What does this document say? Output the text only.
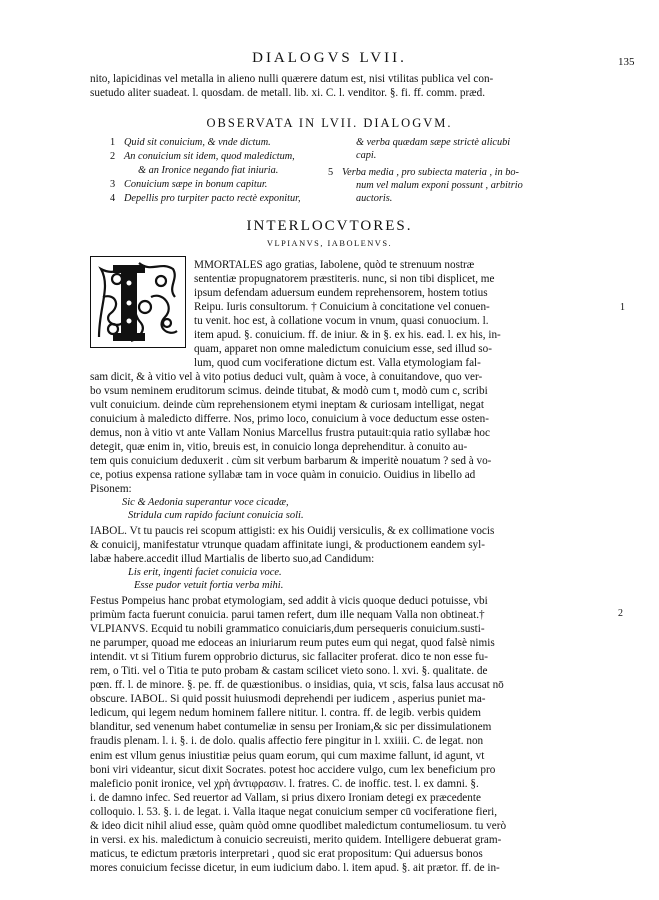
DIALOGVS LVII.	135
nito, lapicidinas vel metalla in alieno nulli quærere datum est, nisi vtilitas publica vel con-
suetudo aliter suadeat. l. quosdam. de metall. lib. xi. C. l. venditor. §. fi. ff. comm. præd.
OBSERVATA IN LVII. DIALOGVM.
1 Quid sit conuicium, & vnde dictum.
2 An conuicium sit idem, quod maledictum,
& an Ironice negando fiat iniuria.
3 Conuicium sæpe in bonum capitur.
4 Depellis pro turpiter pacto rectè exponitur,
& verba quædam sæpe strictè alicubi
capi.
5 Verba media , pro subiecta materia , in bo-
num vel malum exponi possunt , arbitrio
auctoris.
INTERLOCVTORES.
VLPIANVS, IABOLENVS.
MMORTALES ago gratias, Iabolene, quòd te strenuum nostræ
sententiæ propugnatorem præstiteris. nunc, si non tibi displicet, me
ipsum defendam aduersum eundem reprehensorem, hostem totius
Reipu. Iuris consultorum. † Conuicium à concitatione vel conuen-
tu venit. hoc est, à collatione vocum in vnum, quasi conuocium. l.
item apud. §. conuicium. ff. de iniur. & in §. ex his. ead. l. ex his, in-
quam, apparet non omne maledictum conuicium esse, sed illud so-
lum, quod cum vociferatione dictum est. Valla etymologiam fal-
sam dicit, & à vitio vel à vito potius deduci vult, quàm à voce, à conuitandove, quo ver-
bo vsum neminem eruditorum scimus. deinde titubat, & modò cum t, modò cum c, scribi
vult conuicium. deinde cùm reprehensionem etymi ineptam & curiosam intelligat, negat
conuicium à maledicto differre. Nos, primo loco, conuicium à voce deductum esse osten-
demus, non à vitio vt ante Vallam Nonius Marcellus frustra putauit:quia ratio syllabæ hoc
detegit, quæ enim in, vitio, breuis est, in conuicio longa deprehenditur. à conuito au-
tem quis conuicium deduxerit . cùm sit verbum barbarum & imperitè nouatum ? sed à vo-
ce, potius expensa ratione syllabæ tam in voce quàm in conuicio. Ouidius in libello ad
Pisonem:
Sic & Aedonia superantur voce cicadæ,
Stridula cum rapido faciunt conuicia soli.
IABOL. Vt tu paucis rei scopum attigisti: ex his Ouidij versiculis, & ex collimatione vocis
& conuicij, manifestatur vtrunque quadam affinitate iungi, & productionem eandem syl-
labæ habere.accedit illud Martialis de liberto suo,ad Candidum:
Lis erit, ingenti faciet conuicia voce.
Esse pudor vetuit fortia verba mihi.
Festus Pompeius hanc probat etymologiam, sed addit à vicis quoque deduci potuisse, vbi
primùm facta fuerunt conuicia. parui tamen refert, dum ille nequam Valla non obtineat.†
VLPIANVS. Ecquid tu nobili grammatico conuiciaris,dum persequeris conuicium.susti-
ne parumper, quoad me edoceas an iniuriarum reum putes eum qui negat, quod falsè nimis
intendit. vt si Titium furem opprobrio dicturus, sic fallaciter proferat. dico te non esse fu-
rem, o Titi. vel o Titia te puto probam & castam scilicet vieto sono. l. xvi. §. qualitate. de
pœn. ff. l. de minore. §. pe. ff. de quæstionibus. o insidias, quia, vt scis, falsa laus accusat nō
obscure. IABOL. Si quid possit huiusmodi deprehendi per iudicem , asperius puniet ma-
ledicum, qui legem nedum hominem fallere nititur. l. contra. ff. de legib. verbis quidem
blanditur, sed venenum habet contumeliæ in sensu per Ironiam,& sic per dissimulationem
fraudis plenam. l. i. §. i. de dolo. qualis affectio fere pingitur in l. xxiiii. C. de legat. non
enim est vllum genus iniustitiæ peius quam eorum, qui cum maxime fallunt, id agunt, vt
boni viri videantur, sicut dixit Socrates. potest hoc accidere vulgo, cum lex beneficium pro
maleficio ponit ironice, vel χρὴ ἀντιφρασιν. l. fratres. C. de inoffic. test. l. ex damni. §.
i. de damno infec. Sed reuertor ad Vallam, si prius dixero Ironiam detegi ex præcedente
colloquio. l. 53. §. i. de legat. i. Valla itaque negat conuicium semper cū vociferatione fieri,
& ideo dicit nihil aliud esse, quàm quòd omne quodlibet maledictum contumeliosum. tu verò
in versi. ex his. maledictum à conuicio secreuisti, merito quidem. Intelligere debuerat gram-
maticus, te edictum prætoris interpretari , quod sic erat propositum: Qui aduersus bonos
mores conuicium fecisse dicetur, in eum iudicium dabo. l. item apud. §. ait prætor. ff. de in-
1
2
